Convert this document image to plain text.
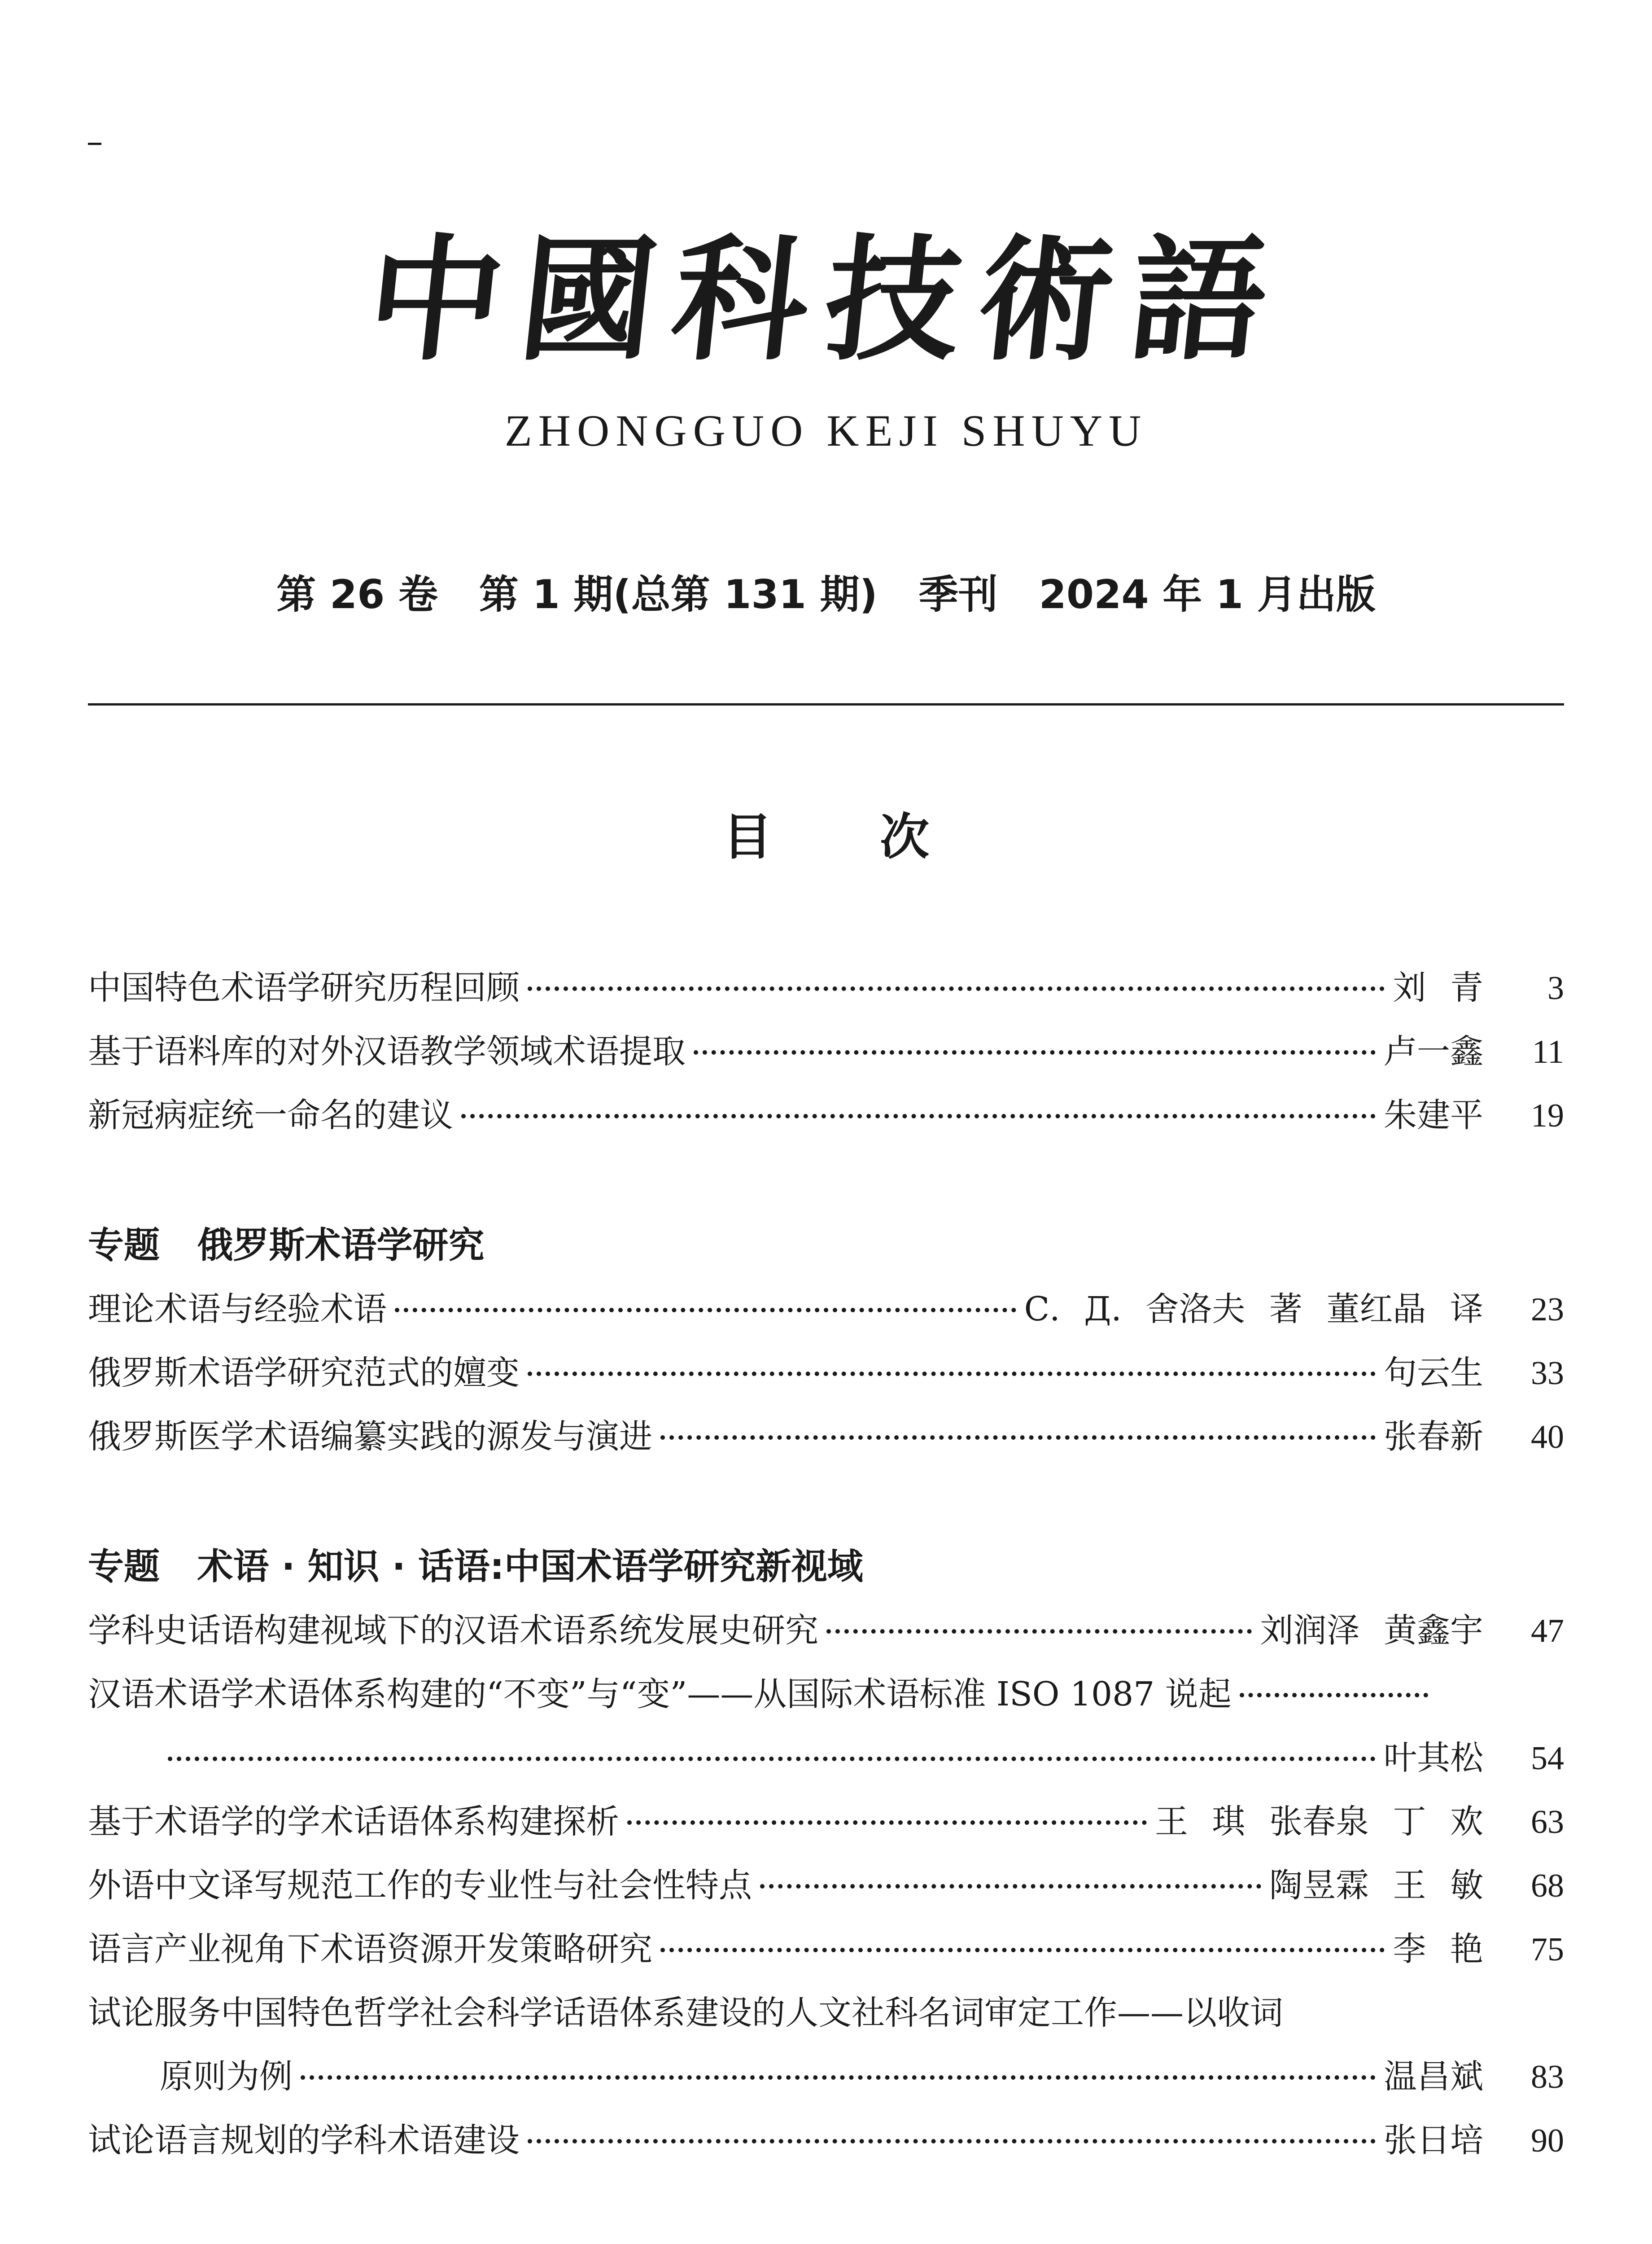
中國科技術語
ZHONGGUO KEJI SHUYU
第 26 卷   第 1 期(总第 131 期)   季刊   2024 年 1 月出版
目次
中国特色术语学研究历程回顾	刘 青	3
基于语料库的对外汉语教学领域术语提取	卢一鑫	11
新冠病症统一命名的建议	朱建平	19
专题   俄罗斯术语学研究
理论术语与经验术语	С. Д. 舍洛夫 著 董红晶 译	23
俄罗斯术语学研究范式的嬗变	句云生	33
俄罗斯医学术语编纂实践的源发与演进	张春新	40
专题   术语 · 知识 · 话语:中国术语学研究新视域
学科史话语构建视域下的汉语术语系统发展史研究	刘润泽 黄鑫宇	47
汉语术语学术语体系构建的“不变”与“变”——从国际术语标准 ISO 1087 说起
叶其松	54
基于术语学的学术话语体系构建探析	王 琪 张春泉 丁 欢	63
外语中文译写规范工作的专业性与社会性特点	陶昱霖 王 敏	68
语言产业视角下术语资源开发策略研究	李 艳	75
试论服务中国特色哲学社会科学话语体系建设的人文社科名词审定工作——以收词
原则为例	温昌斌	83
试论语言规划的学科术语建设	张日培	90
